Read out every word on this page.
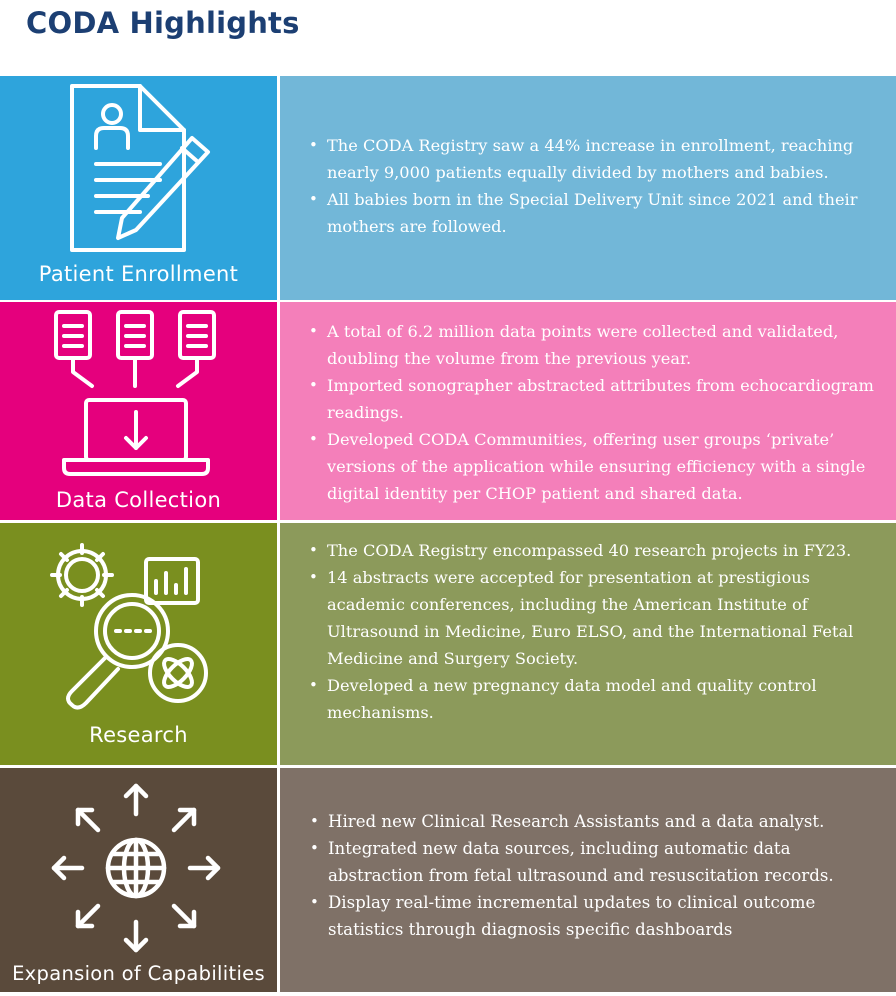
CODA Highlights
Patient Enrollment
• The CODA Registry saw a 44% increase in enrollment, reaching nearly 9,000 patients equally divided by mothers and babies.
• All babies born in the Special Delivery Unit since 2021 and their mothers are followed.
Data Collection
• A total of 6.2 million data points were collected and validated, doubling the volume from the previous year.
• Imported sonographer abstracted attributes from echocardiogram readings.
• Developed CODA Communities, offering user groups ‘private’ versions of the application while ensuring efficiency with a single digital identity per CHOP patient and shared data.
Research
• The CODA Registry encompassed 40 research projects in FY23.
• 14 abstracts were accepted for presentation at prestigious academic conferences, including the American Institute of Ultrasound in Medicine, Euro ELSO, and the International Fetal Medicine and Surgery Society.
• Developed a new pregnancy data model and quality control mechanisms.
Expansion of Capabilities
• Hired new Clinical Research Assistants and a data analyst.
• Integrated new data sources, including automatic data abstraction from fetal ultrasound and resuscitation records.
• Display real-time incremental updates to clinical outcome statistics through diagnosis specific dashboards
